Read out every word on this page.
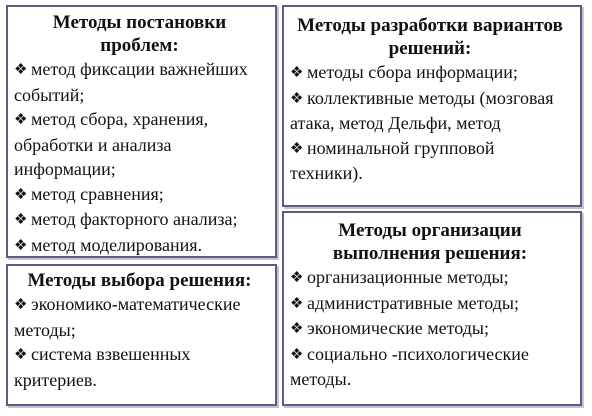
Методы постановки проблем:
❖ метод фиксации важнейших событий;
❖ метод сбора, хранения, обработки и анализа информации;
❖ метод сравнения;
❖ метод факторного анализа;
❖ метод моделирования.
Методы разработки вариантов решений:
❖ методы сбора информации;
❖ коллективные методы (мозговая атака, метод Дельфи, метод
❖ номинальной групповой техники).
Методы выбора решения:
❖ экономико-математические методы;
❖ система взвешенных критериев.
Методы организации выполнения решения:
❖ организационные методы;
❖ административные методы;
❖ экономические методы;
❖ социально -психологические методы.
